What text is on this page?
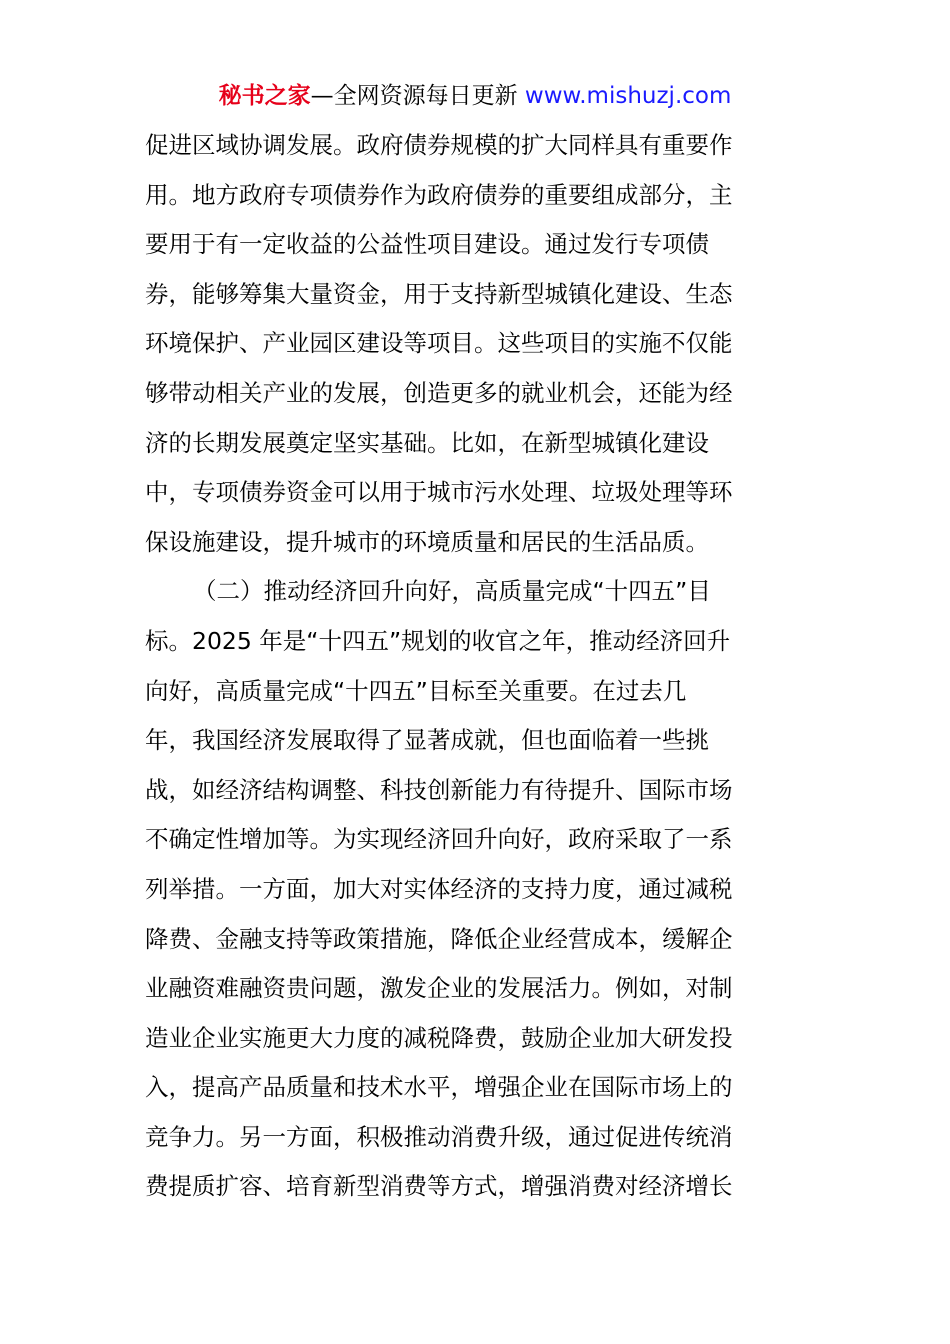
秘书之家—全网资源每日更新 www.mishuzj.com
促进区域协调发展。政府债券规模的扩大同样具有重要作
用。地方政府专项债券作为政府债券的重要组成部分，主
要用于有一定收益的公益性项目建设。通过发行专项债
券，能够筹集大量资金，用于支持新型城镇化建设、生态
环境保护、产业园区建设等项目。这些项目的实施不仅能
够带动相关产业的发展，创造更多的就业机会，还能为经
济的长期发展奠定坚实基础。比如，在新型城镇化建设
中，专项债券资金可以用于城市污水处理、垃圾处理等环
保设施建设，提升城市的环境质量和居民的生活品质。
（二）推动经济回升向好，高质量完成“十四五”目
标。2025 年是“十四五”规划的收官之年，推动经济回升
向好，高质量完成“十四五”目标至关重要。在过去几
年，我国经济发展取得了显著成就，但也面临着一些挑
战，如经济结构调整、科技创新能力有待提升、国际市场
不确定性增加等。为实现经济回升向好，政府采取了一系
列举措。一方面，加大对实体经济的支持力度，通过减税
降费、金融支持等政策措施，降低企业经营成本，缓解企
业融资难融资贵问题，激发企业的发展活力。例如，对制
造业企业实施更大力度的减税降费，鼓励企业加大研发投
入，提高产品质量和技术水平，增强企业在国际市场上的
竞争力。另一方面，积极推动消费升级，通过促进传统消
费提质扩容、培育新型消费等方式，增强消费对经济增长
